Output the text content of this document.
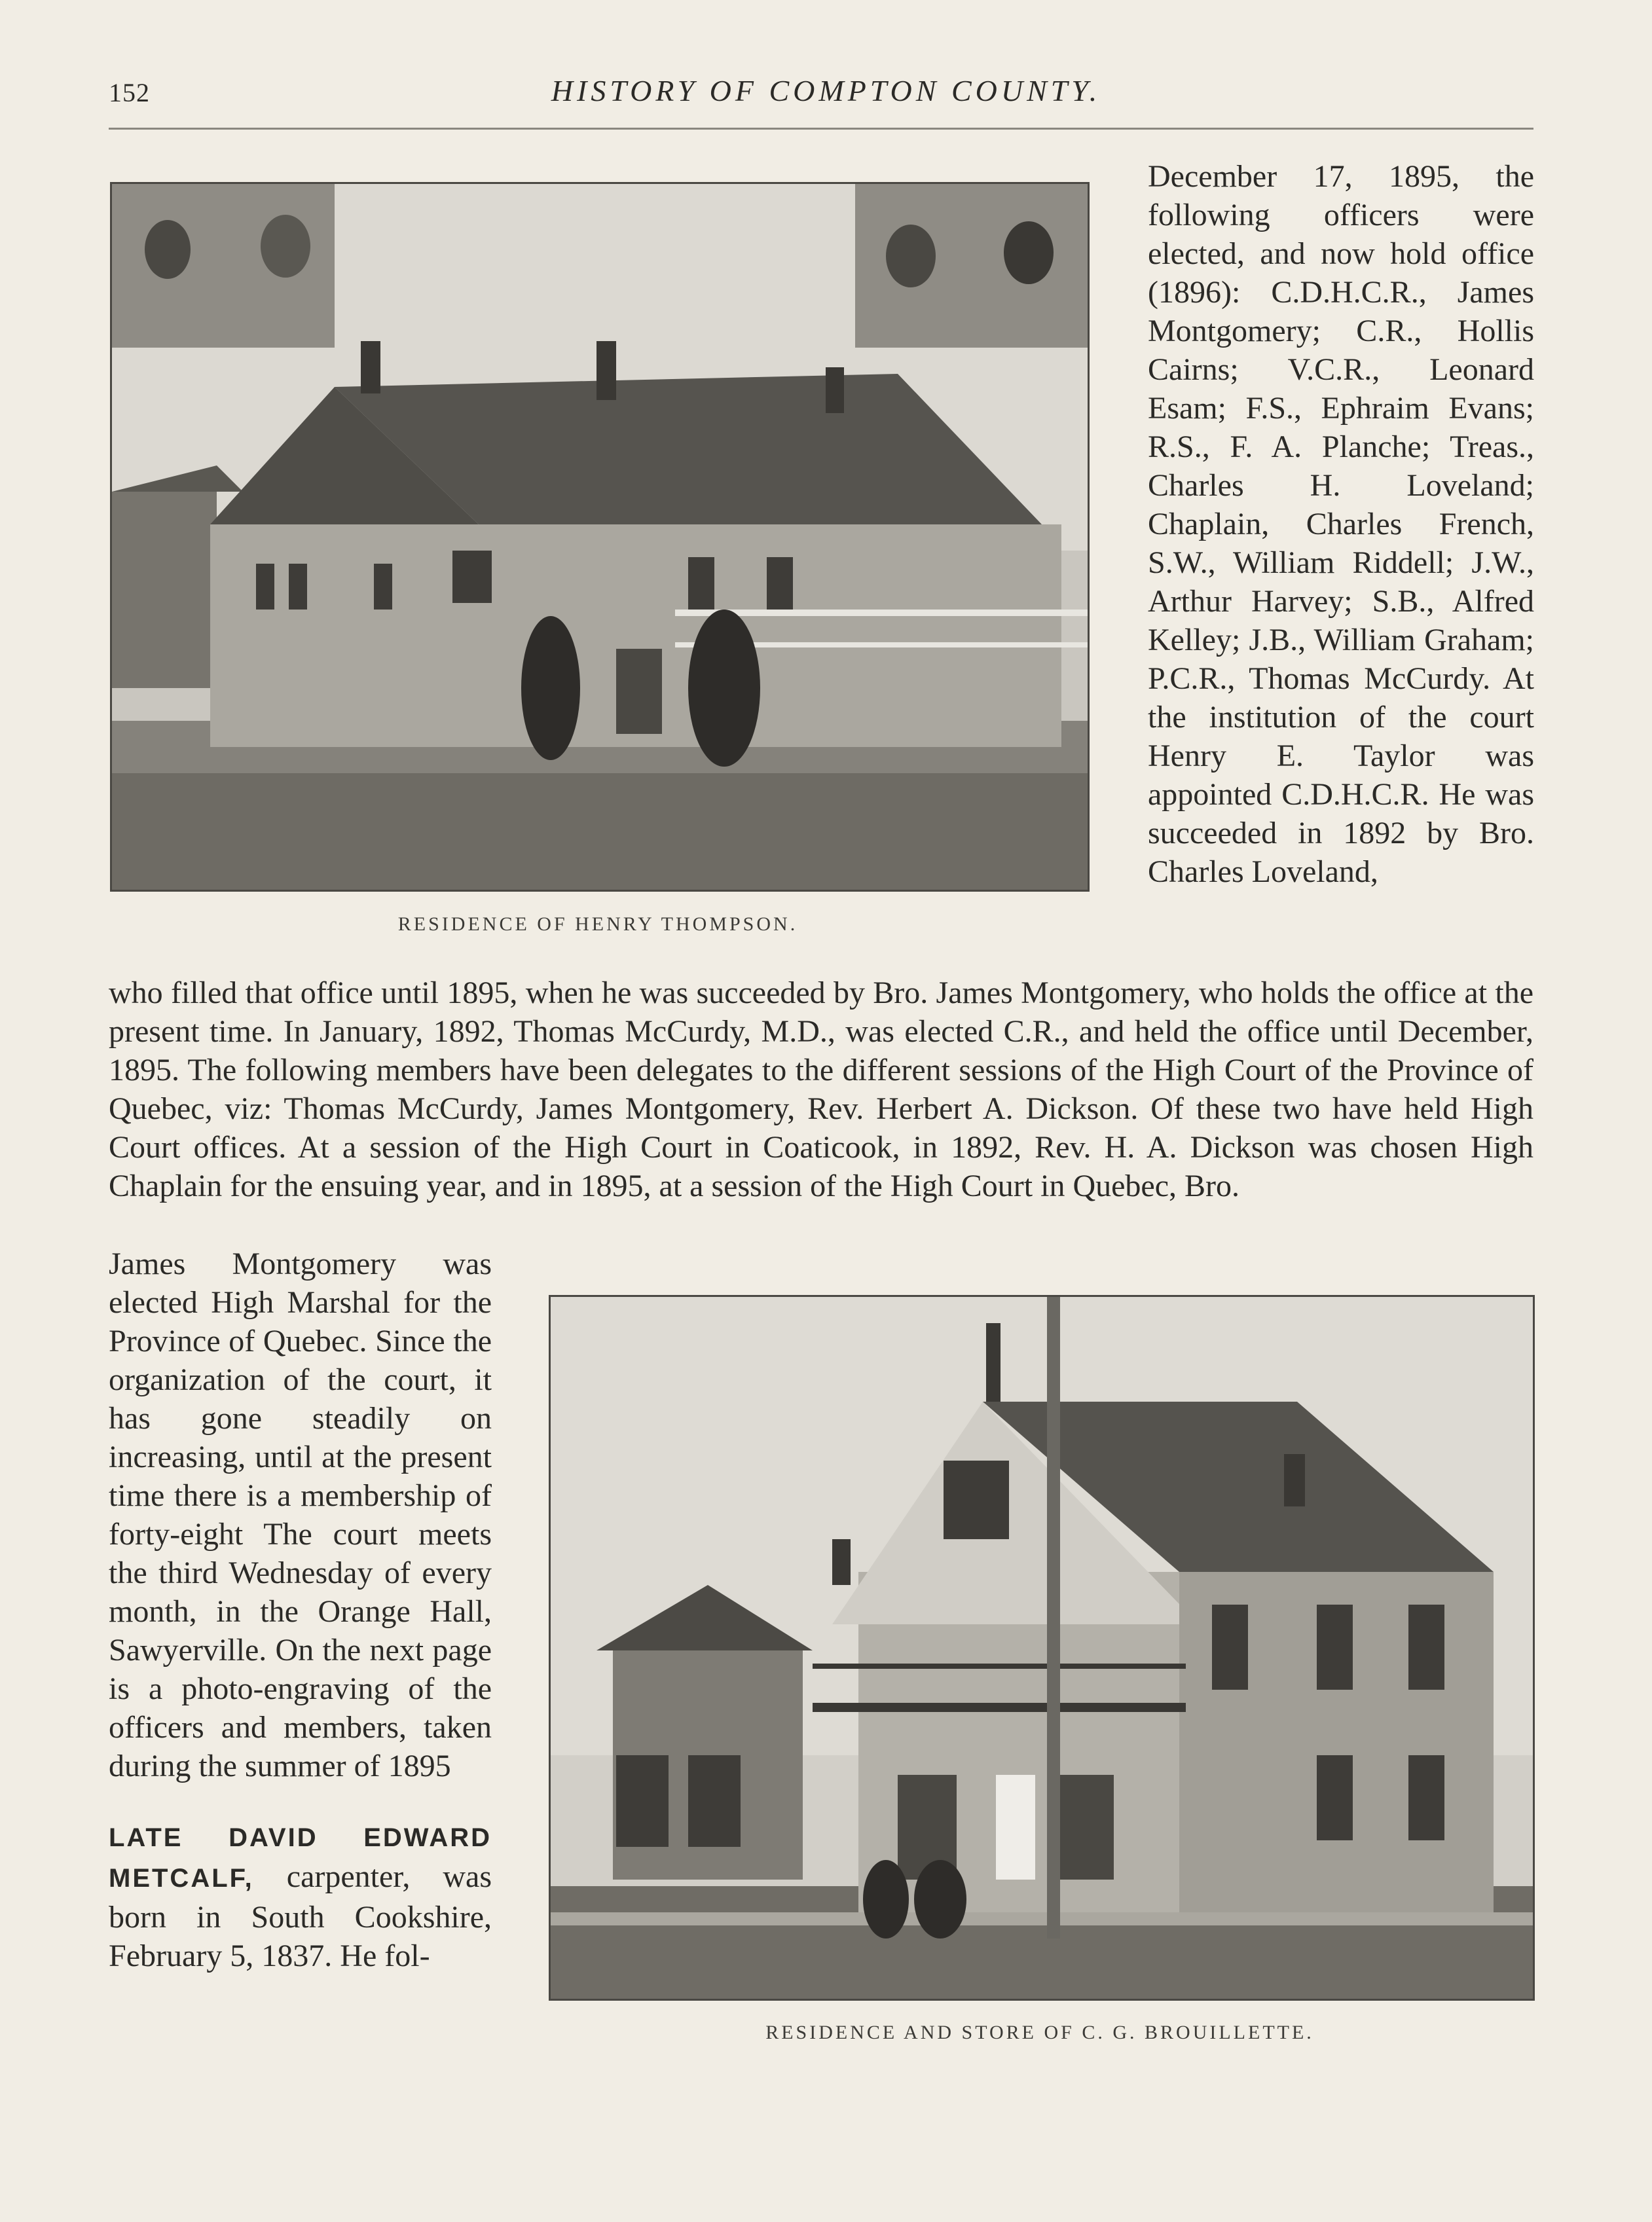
152	HISTORY OF COMPTON COUNTY.
RESIDENCE OF HENRY THOMPSON.
December 17, 1895, the following officers were elected, and now hold office (1896): C.D.H.C.R., James Montgomery; C.R., Hollis Cairns; V.C.R., Leonard Esam; F.S., Ephraim Evans; R.S., F. A. Planche; Treas., Charles H. Loveland; Chaplain, Charles French, S.W., William Riddell; J.W., Arthur Harvey; S.B., Alfred Kelley; J.B., William Graham; P.C.R., Thomas McCurdy. At the institution of the court Henry E. Taylor was appointed C.D.H.C.R. He was succeeded in 1892 by Bro. Charles Loveland,
who filled that office until 1895, when he was succeeded by Bro. James Montgomery, who holds the office at the present time. In January, 1892, Thomas McCurdy, M.D., was elected C.R., and held the office until December, 1895. The following members have been delegates to the different sessions of the High Court of the Province of Quebec, viz: Thomas McCurdy, James Montgomery, Rev. Herbert A. Dickson. Of these two have held High Court offices. At a session of the High Court in Coaticook, in 1892, Rev. H. A. Dickson was chosen High Chaplain for the ensuing year, and in 1895, at a session of the High Court in Quebec, Bro.

James Montgomery was elected High Marshal for the Province of Quebec. Since the organization of the court, it has gone steadily on increasing, until at the present time there is a membership of forty-eight The court meets the third Wednesday of every month, in the Orange Hall, Sawyerville. On the next page is a photo-engraving of the officers and members, taken during the summer of 1895

LATE DAVID EDWARD METCALF, carpenter, was born in South Cookshire, February 5, 1837. He fol-

RESIDENCE AND STORE OF C. G. BROUILLETTE.
